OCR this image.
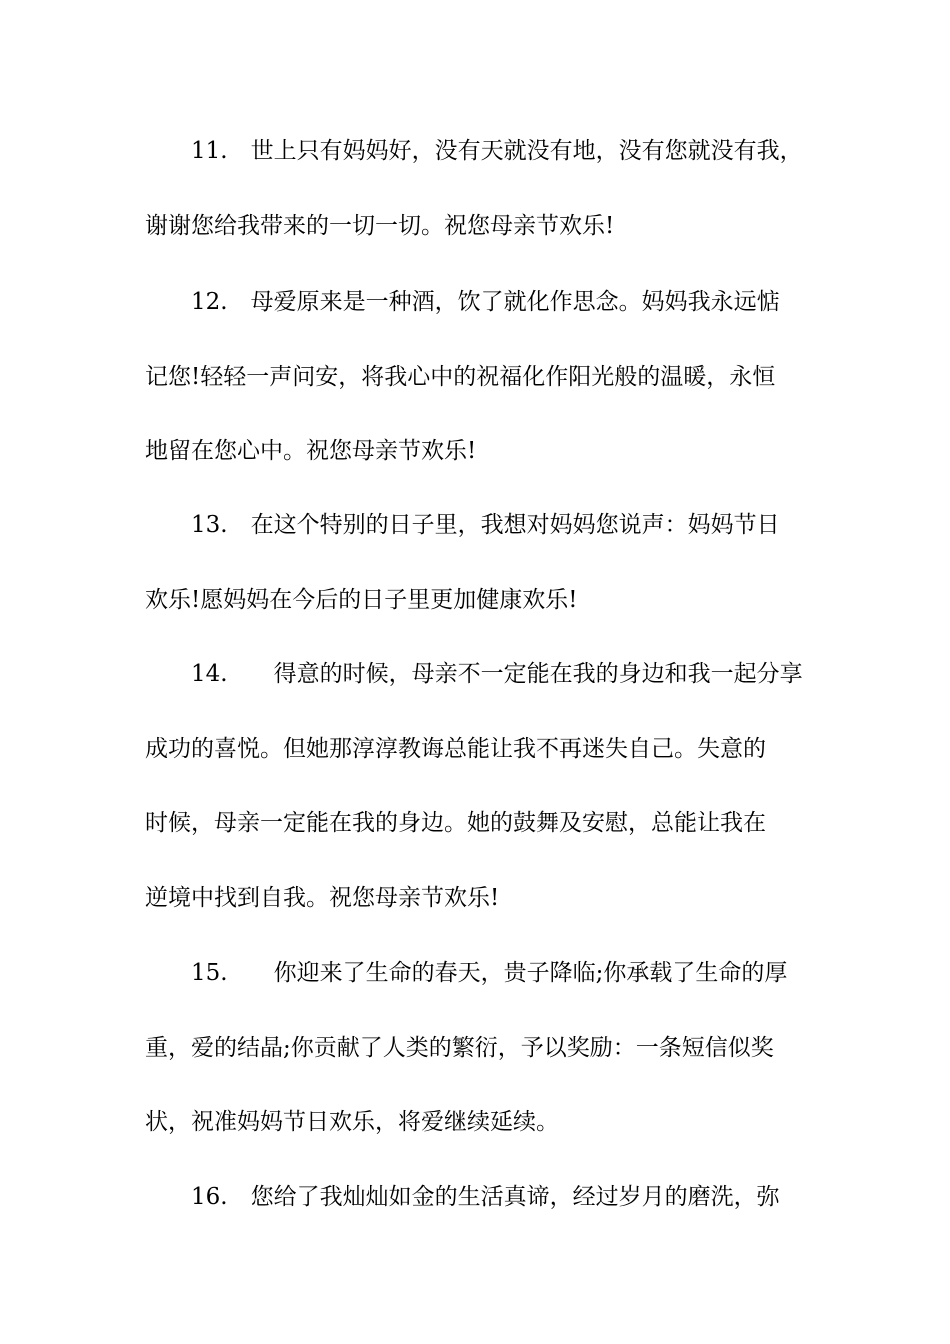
　　11.　世上只有妈妈好，没有天就没有地，没有您就没有我，
谢谢您给我带来的一切一切。祝您母亲节欢乐!
　　12.　母爱原来是一种酒，饮了就化作思念。妈妈我永远惦
记您!轻轻一声问安，将我心中的祝福化作阳光般的温暖，永恒
地留在您心中。祝您母亲节欢乐!
　　13.　在这个特别的日子里，我想对妈妈您说声：妈妈节日
欢乐!愿妈妈在今后的日子里更加健康欢乐!
　　14.　　得意的时候，母亲不一定能在我的身边和我一起分享
成功的喜悦。但她那淳淳教诲总能让我不再迷失自己。失意的
时候，母亲一定能在我的身边。她的鼓舞及安慰，总能让我在
逆境中找到自我。祝您母亲节欢乐!
　　15.　　你迎来了生命的春天，贵子降临;你承载了生命的厚
重，爱的结晶;你贡献了人类的繁衍，予以奖励：一条短信似奖
状，祝准妈妈节日欢乐，将爱继续延续。
　　16.　您给了我灿灿如金的生活真谛，经过岁月的磨洗，弥
